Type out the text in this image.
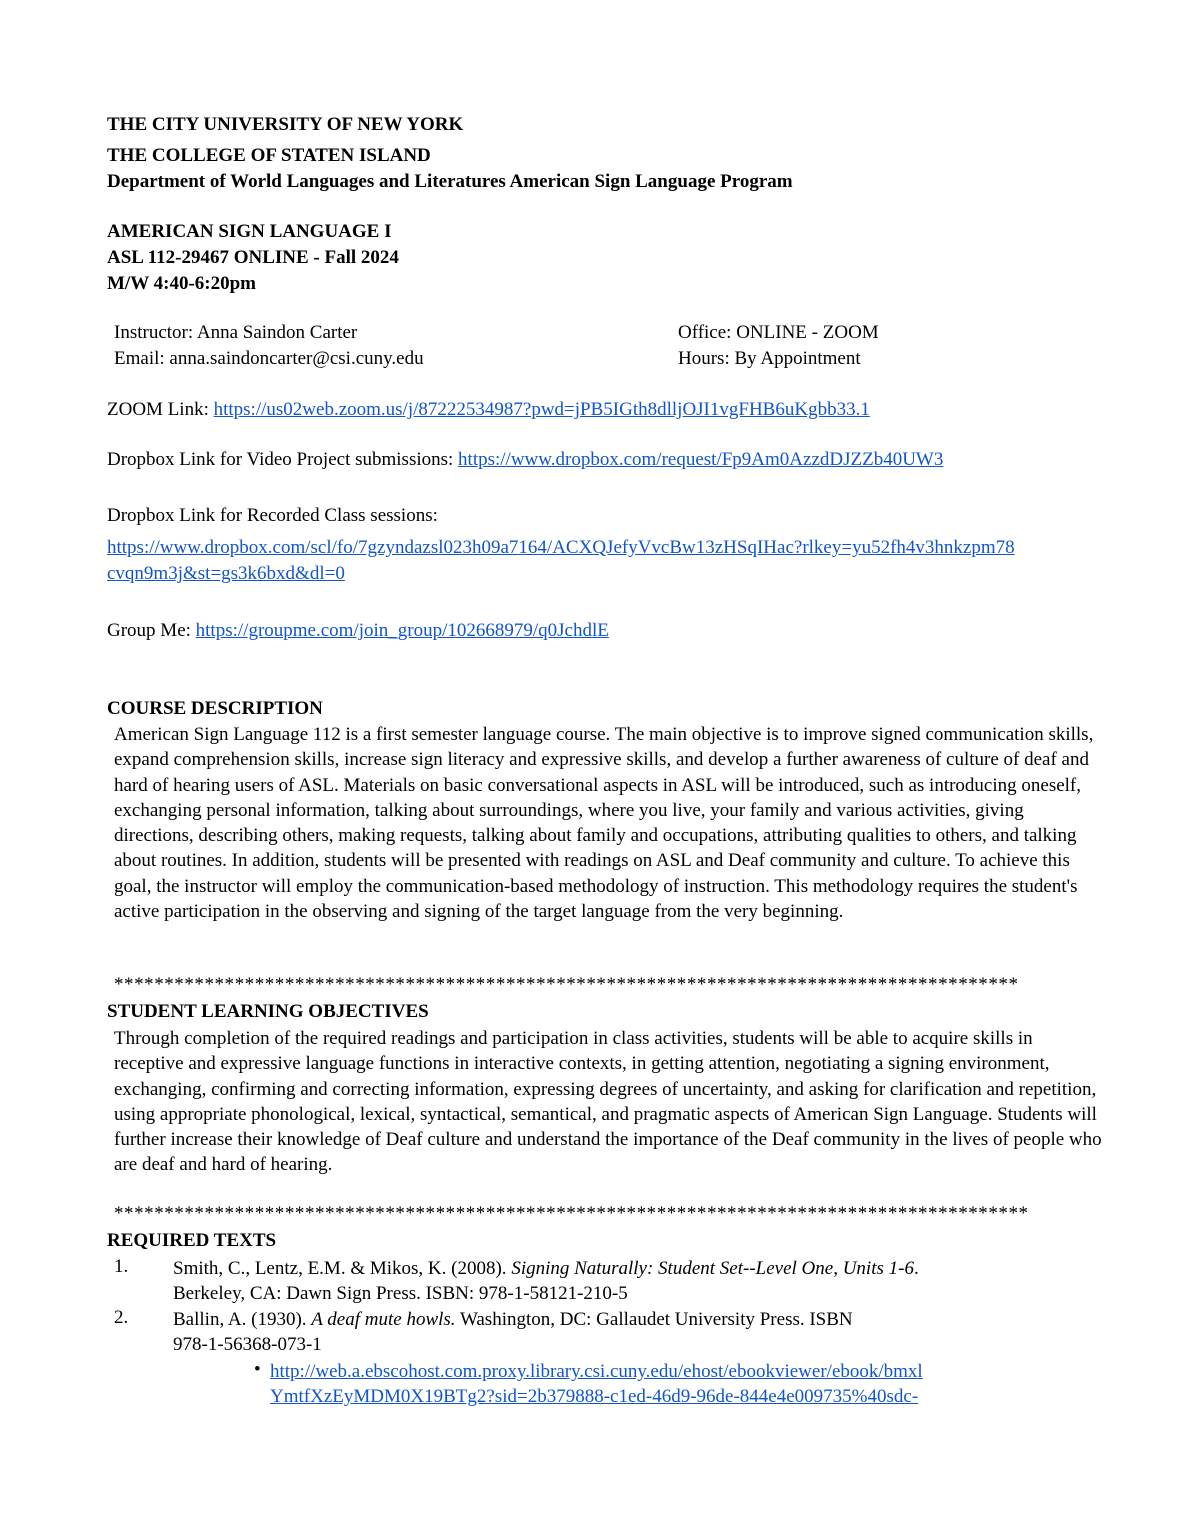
THE CITY UNIVERSITY OF NEW YORK
THE COLLEGE OF STATEN ISLAND
Department of World Languages and Literatures American Sign Language Program
AMERICAN SIGN LANGUAGE I
ASL 112-29467 ONLINE - Fall 2024
M/W 4:40-6:20pm
Instructor: Anna Saindon Carter
Email: anna.saindoncarter@csi.cuny.edu
Office: ONLINE - ZOOM
Hours: By Appointment
ZOOM Link: https://us02web.zoom.us/j/87222534987?pwd=jPB5IGth8dlljOJI1vgFHB6uKgbb33.1
Dropbox Link for Video Project submissions: https://www.dropbox.com/request/Fp9Am0AzzdDJZZb40UW3
Dropbox Link for Recorded Class sessions:
https://www.dropbox.com/scl/fo/7gzyndazsl023h09a7164/ACXQJefyVvcBw13zHSqIHac?rlkey=yu52fh4v3hnkzpm78
cvqn9m3j&st=gs3k6bxd&dl=0
Group Me: https://groupme.com/join_group/102668979/q0JchdlE
COURSE DESCRIPTION
American Sign Language 112 is a first semester language course. The main objective is to improve signed communication skills, expand comprehension skills, increase sign literacy and expressive skills, and develop a further awareness of culture of deaf and hard of hearing users of ASL. Materials on basic conversational aspects in ASL will be introduced, such as introducing oneself, exchanging personal information, talking about surroundings, where you live, your family and various activities, giving directions, describing others, making requests, talking about family and occupations, attributing qualities to others, and talking about routines. In addition, students will be presented with readings on ASL and Deaf community and culture. To achieve this goal, the instructor will employ the communication-based methodology of instruction. This methodology requires the student's active participation in the observing and signing of the target language from the very beginning.
******************************************************************************************
STUDENT LEARNING OBJECTIVES
Through completion of the required readings and participation in class activities, students will be able to acquire skills in receptive and expressive language functions in interactive contexts, in getting attention, negotiating a signing environment, exchanging, confirming and correcting information, expressing degrees of uncertainty, and asking for clarification and repetition, using appropriate phonological, lexical, syntactical, semantical, and pragmatic aspects of American Sign Language. Students will further increase their knowledge of Deaf culture and understand the importance of the Deaf community in the lives of people who are deaf and hard of hearing.
*******************************************************************************************
REQUIRED TEXTS
1. Smith, C., Lentz, E.M. & Mikos, K. (2008). Signing Naturally: Student Set--Level One, Units 1-6.
Berkeley, CA: Dawn Sign Press. ISBN: 978-1-58121-210-5
2. Ballin, A. (1930). A deaf mute howls. Washington, DC: Gallaudet University Press. ISBN
978-1-56368-073-1
• http://web.a.ebscohost.com.proxy.library.csi.cuny.edu/ehost/ebookviewer/ebook/bmxl
YmtfXzEyMDM0X19BTg2?sid=2b379888-c1ed-46d9-96de-844e4e009735%40sdc-
